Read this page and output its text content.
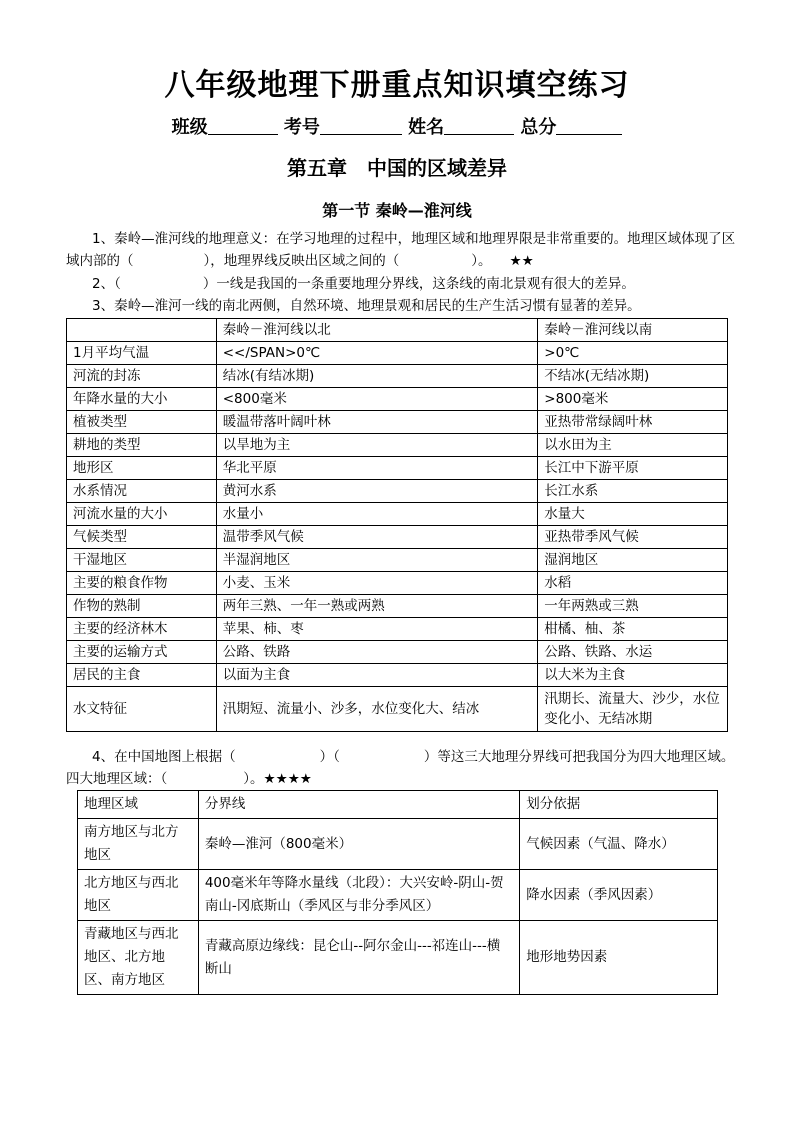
八年级地理下册重点知识填空练习
班级	考号	姓名	总分
第五章　中国的区域差异
第一节 秦岭—淮河线
1、秦岭—淮河线的地理意义：在学习地理的过程中，地理区域和地理界限是非常重要的。地理区域体现了区域内部的（	），地理界线反映出区域之间的（	）。 ★★
2、（	）一线是我国的一条重要地理分界线，这条线的南北景观有很大的差异。
3、秦岭—淮河一线的南北两侧，自然环境、地理景观和居民的生产生活习惯有显著的差异。
	秦岭－淮河线以北	秦岭－淮河线以南
1月平均气温	<</SPAN>0℃	>0℃
河流的封冻	结冰(有结冰期)	不结冰(无结冰期)
年降水量的大小	<800毫米	>800毫米
植被类型	暖温带落叶阔叶林	亚热带常绿阔叶林
耕地的类型	以旱地为主	以水田为主
地形区	华北平原	长江中下游平原
水系情况	黄河水系	长江水系
河流水量的大小	水量小	水量大
气候类型	温带季风气候	亚热带季风气候
干湿地区	半湿润地区	湿润地区
主要的粮食作物	小麦、玉米	水稻
作物的熟制	两年三熟、一年一熟或两熟	一年两熟或三熟
主要的经济林木	苹果、柿、枣	柑橘、柚、茶
主要的运输方式	公路、铁路	公路、铁路、水运
居民的主食	以面为主食	以大米为主食
水文特征	汛期短、流量小、沙多，水位变化大、结冰	汛期长、流量大、沙少，水位变化小、无结冰期
4、在中国地图上根据（	）（	）等这三大地理分界线可把我国分为四大地理区域。四大地理区域：（	）。★★★★
地理区域	分界线	划分依据
南方地区与北方地区	秦岭—淮河（800毫米）	气候因素（气温、降水）
北方地区与西北地区	400毫米年等降水量线（北段）：大兴安岭-阴山-贺南山-冈底斯山（季风区与非分季风区）	降水因素（季风因素）
青藏地区与西北地区、北方地区、南方地区	青藏高原边缘线：昆仑山--阿尔金山---祁连山---横断山	地形地势因素
